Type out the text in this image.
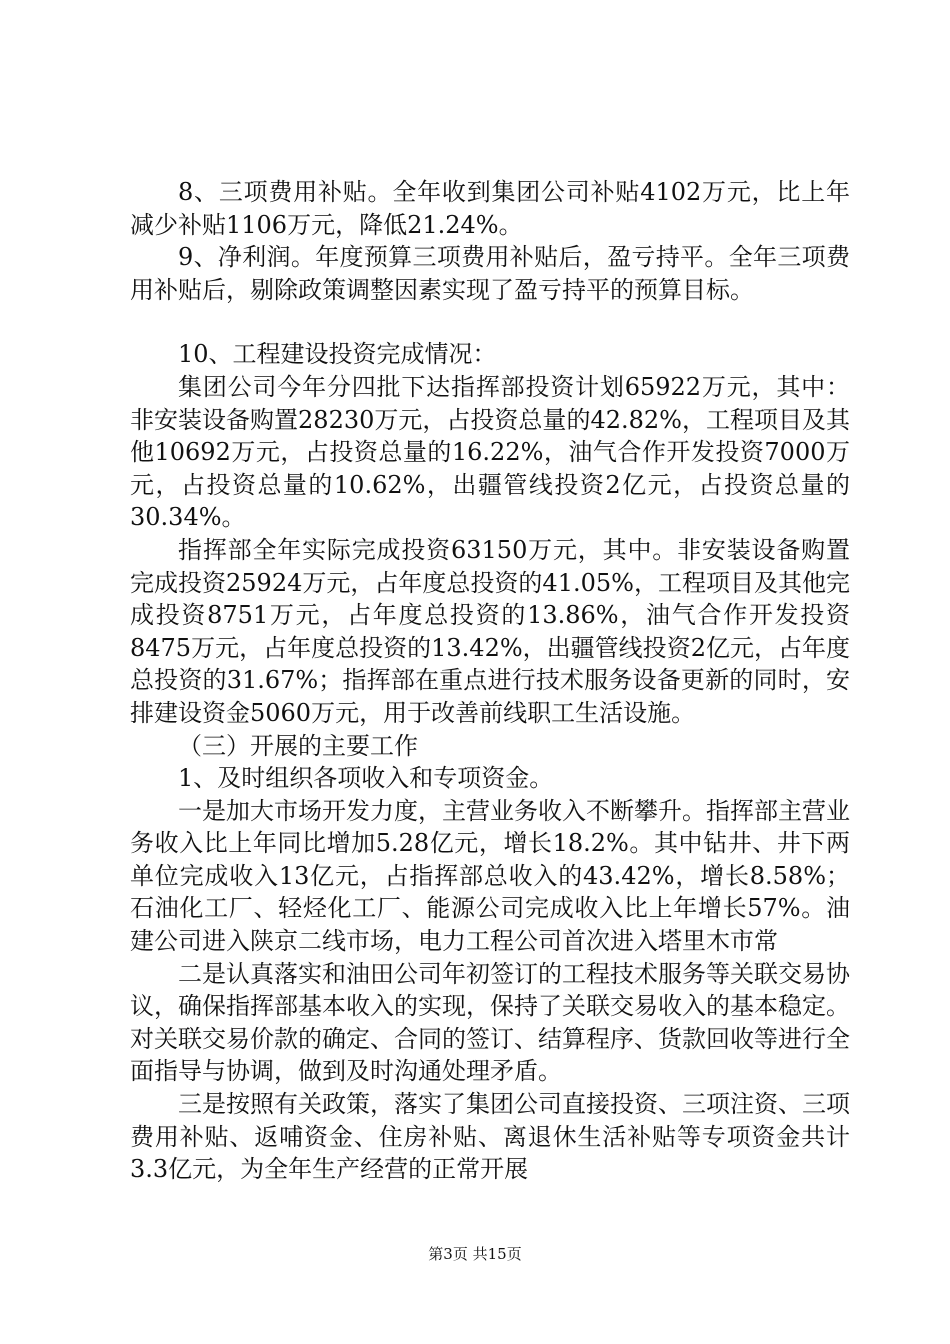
8、三项费用补贴。全年收到集团公司补贴4102万元，比上年减少补贴1106万元，降低21.24%。

9、净利润。年度预算三项费用补贴后，盈亏持平。全年三项费用补贴后，剔除政策调整因素实现了盈亏持平的预算目标。

10、工程建设投资完成情况：

集团公司今年分四批下达指挥部投资计划65922万元，其中：非安装设备购置28230万元，占投资总量的42.82%，工程项目及其他10692万元，占投资总量的16.22%，油气合作开发投资7000万元，占投资总量的10.62%，出疆管线投资2亿元，占投资总量的30.34%。

指挥部全年实际完成投资63150万元，其中。非安装设备购置完成投资25924万元，占年度总投资的41.05%，工程项目及其他完成投资8751万元，占年度总投资的13.86%，油气合作开发投资8475万元，占年度总投资的13.42%，出疆管线投资2亿元，占年度总投资的31.67%；指挥部在重点进行技术服务设备更新的同时，安排建设资金5060万元，用于改善前线职工生活设施。

（三）开展的主要工作

1、及时组织各项收入和专项资金。

一是加大市场开发力度，主营业务收入不断攀升。指挥部主营业务收入比上年同比增加5.28亿元，增长18.2%。其中钻井、井下两单位完成收入13亿元，占指挥部总收入的43.42%，增长8.58%；石油化工厂、轻烃化工厂、能源公司完成收入比上年增长57%。油建公司进入陕京二线市场，电力工程公司首次进入塔里木市常

二是认真落实和油田公司年初签订的工程技术服务等关联交易协议，确保指挥部基本收入的实现，保持了关联交易收入的基本稳定。对关联交易价款的确定、合同的签订、结算程序、货款回收等进行全面指导与协调，做到及时沟通处理矛盾。

三是按照有关政策，落实了集团公司直接投资、三项注资、三项费用补贴、返哺资金、住房补贴、离退休生活补贴等专项资金共计3.3亿元，为全年生产经营的正常开展

第3页 共15页
